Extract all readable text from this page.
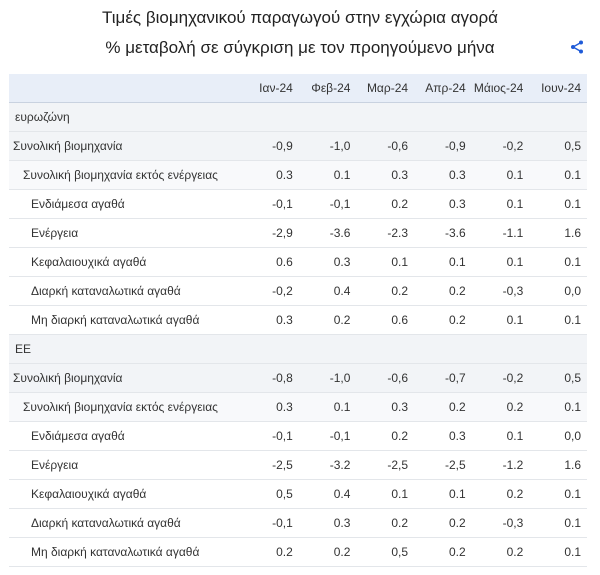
Τιμές βιομηχανικού παραγωγού στην εγχώρια αγορά
% μεταβολή σε σύγκριση με τον προηγούμενο μήνα
	Ιαν-24	Φεβ-24	Μαρ-24	Απρ-24	Μάιος-24	Ιουν-24
ευρωζώνη						
Συνολική βιομηχανία	-0,9	-1,0	-0,6	-0,9	-0,2	0,5
Συνολική βιομηχανία εκτός ενέργειας	0.3	0.1	0.3	0.3	0.1	0.1
Ενδιάμεσα αγαθά	-0,1	-0,1	0.2	0.3	0.1	0.1
Ενέργεια	-2,9	-3.6	-2.3	-3.6	-1.1	1.6
Κεφαλαιουχικά αγαθά	0.6	0.3	0.1	0.1	0.1	0.1
Διαρκή καταναλωτικά αγαθά	-0,2	0.4	0.2	0.2	-0,3	0,0
Μη διαρκή καταναλωτικά αγαθά	0.3	0.2	0.6	0.2	0.1	0.1
ΕΕ						
Συνολική βιομηχανία	-0,8	-1,0	-0,6	-0,7	-0,2	0,5
Συνολική βιομηχανία εκτός ενέργειας	0.3	0.1	0.3	0.2	0.2	0.1
Ενδιάμεσα αγαθά	-0,1	-0,1	0.2	0.3	0.1	0,0
Ενέργεια	-2,5	-3.2	-2,5	-2,5	-1.2	1.6
Κεφαλαιουχικά αγαθά	0,5	0.4	0.1	0.1	0.2	0.1
Διαρκή καταναλωτικά αγαθά	-0,1	0.3	0.2	0.2	-0,3	0.1
Μη διαρκή καταναλωτικά αγαθά	0.2	0.2	0,5	0.2	0.2	0.1
